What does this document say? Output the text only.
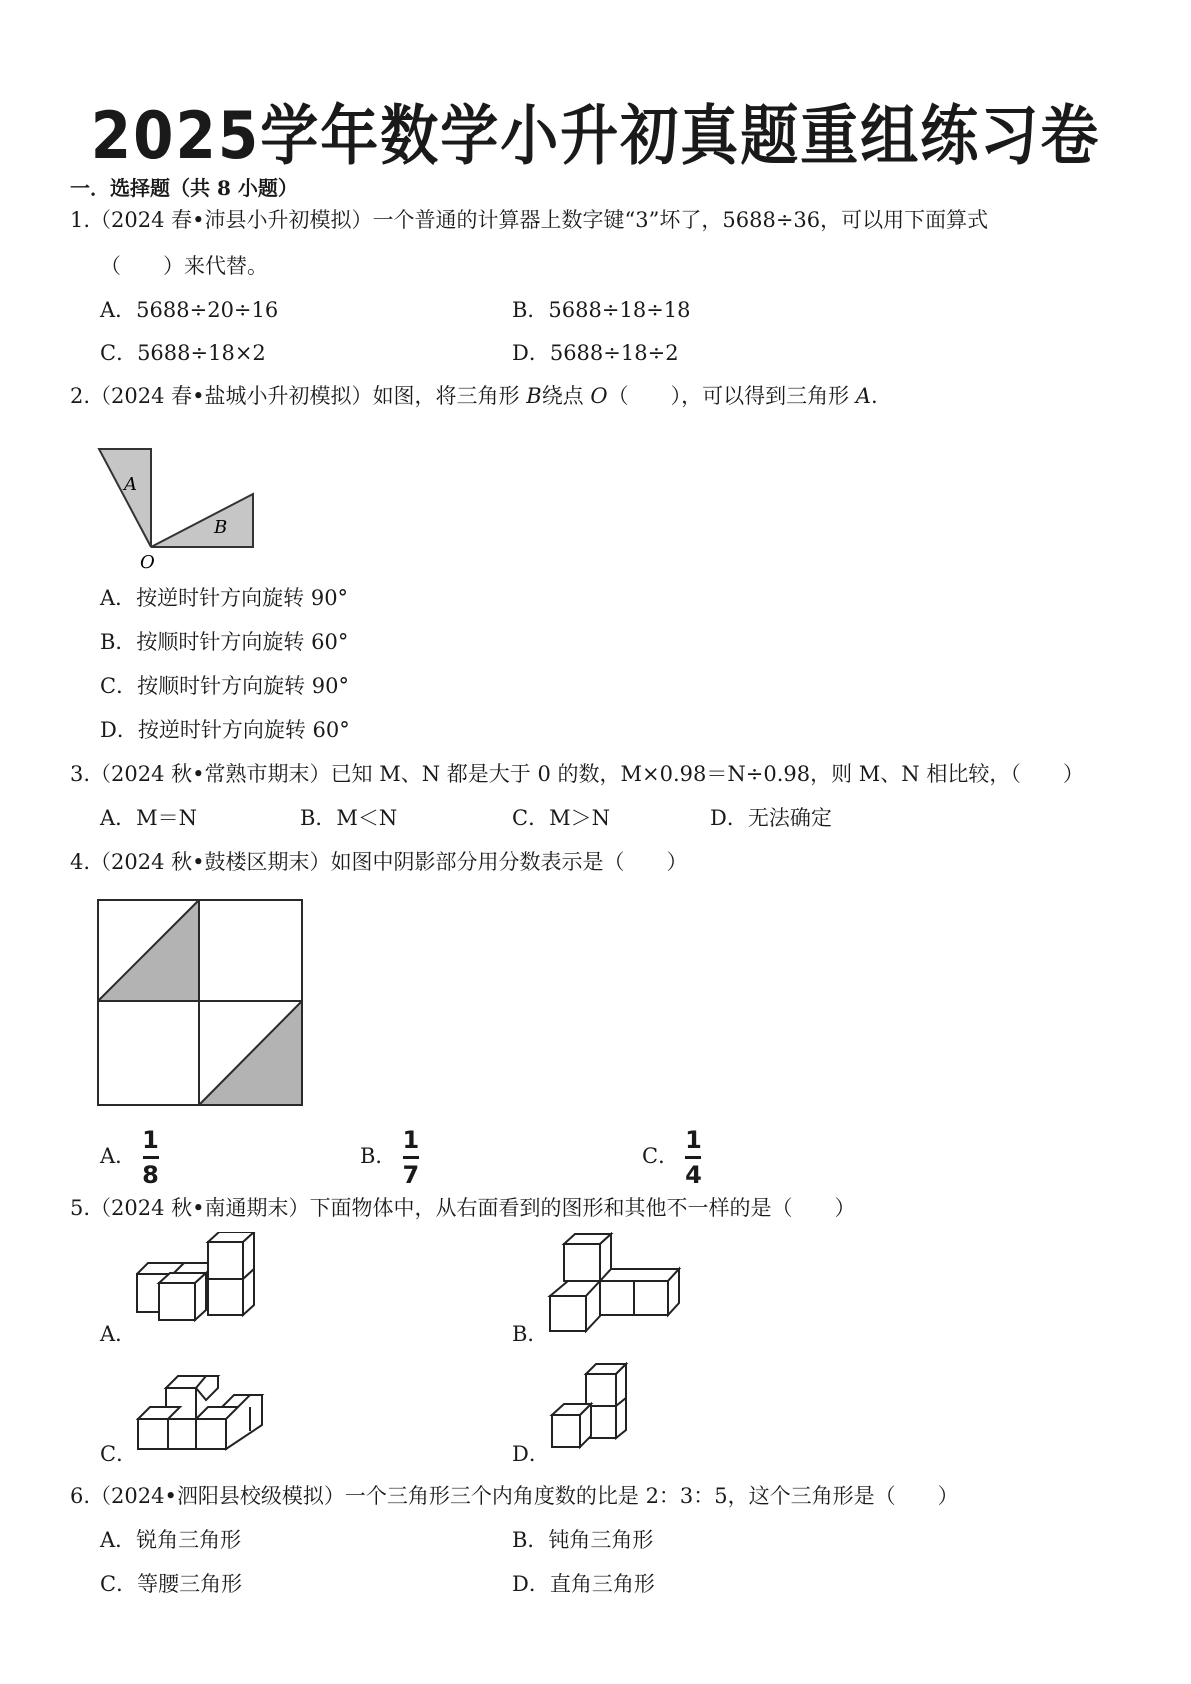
2025学年数学小升初真题重组练习卷
一．选择题（共 8 小题）
1.（2024 春•沛县小升初模拟）一个普通的计算器上数字键“3”坏了，5688÷36，可以用下面算式
（　　）来代替。
A．5688÷20÷16	B．5688÷18÷18
C．5688÷18×2	D．5688÷18÷2
2.（2024 春•盐城小升初模拟）如图，将三角形 B绕点 O（　　），可以得到三角形 A.
A
B
O
A．按逆时针方向旋转 90°
B．按顺时针方向旋转 60°
C．按顺时针方向旋转 90°
D．按逆时针方向旋转 60°
3.（2024 秋•常熟市期末）已知 M、N 都是大于 0 的数，M×0.98＝N÷0.98，则 M、N 相比较，（　　）
A．M＝N	B．M＜N	C．M＞N	D．无法确定
4.（2024 秋•鼓楼区期末）如图中阴影部分用分数表示是（　　）
A． $\frac{1}{8}$	B． $\frac{1}{7}$	C． $\frac{1}{4}$
5.（2024 秋•南通期末）下面物体中，从右面看到的图形和其他不一样的是（　　）
A．	B．
C．	D．
6.（2024•泗阳县校级模拟）一个三角形三个内角度数的比是 2：3：5，这个三角形是（　　）
A．锐角三角形	B．钝角三角形
C．等腰三角形	D．直角三角形
